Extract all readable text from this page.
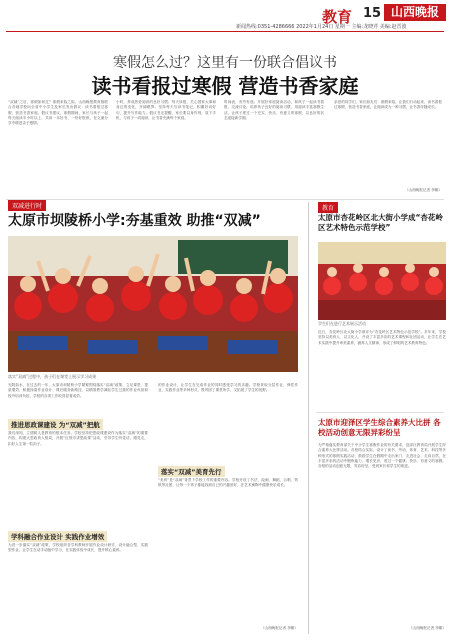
教育 15 山西晚报
新闻热线:0351-4286666 2022年1月24日 星期一 主编:龙晓芹 美编:赵晋波
寒假怎么过？这里有一份联合倡议书
读书看报过寒假 营造书香家庭
“双减”之后，寒假如何过？寒假来临之际，山西晚报教育版联合各地学校向全省中小学生及家长发出倡议：读书看报过寒假，营造书香家庭。倡议书建议，寒假期间，家长与孩子一起每天阅读半小时以上，共读一本好书、一份好报纸，在交流分享中增进亲子感情。
小时，养成热爱阅读的良好习惯；每天读报，关心国家大事和身边的变化，开阔眼界；坚持每天写读书笔记，积累好词好句，提升写作能力。倡议书还提醒，家长要以身作则，放下手机，与孩子一同阅读，让书香充满每个家庭。
时间表，有劳有逸；开展好家庭阅读活动，和孩子一起读书看报、交流讨论，培养孩子良好的阅读习惯，用阅读丰富寒假生活，让孩子度过一个充实、快乐、有意义的寒假，以良好的状态迎接新学期。
亲爱的同学们、家长朋友们：寒假来临，让我们行动起来，读书看报过寒假，营造书香家庭，让阅读成为一种习惯，让书香伴随成长。
（山西晚报记者 李娜）
双减进行时
太原市坝陵桥小学:夯基重效 助推“双减”
落实“双减”过程中，孩子们在课堂上展示学习成果
光阴如水，在过去的一年，太原市坝陵桥小学紧紧围绕落实“双减”政策，立足课堂、提质增效，积极探索作业设计、课后服务新路径，以精准教学减轻学生过重的作业负担和校外培训负担，学校的各项工作取得显著成效。
推进思政课建设 为“双减”把航
我们深知，立德树人是教育的根本任务。学校坚持把思政课建设作为落实“双减”的重要内容，构建大思政育人格局，开展“红领巾讲思政课”活动，引导学生听党话、跟党走，扣好人生第一粒扣子。
学科融合作业设计 实践作业增效
为进一步落实“双减”政策，学校组织各学科教师开展作业设计研讨，设计融合型、实践型作业，让学生在动手动脑中学习，在实践体验中成长，提升核心素养。
的作业设计，让学生在完成作业的同时感受学习的乐趣。学校采取分层作业、弹性作业、实践作业等多种形式，既巩固了课堂所学，又拓展了学生的视野。
落实“双减”美育先行
“美育”是“双减”背景下学校工作的重要内容。学校开设了书法、绘画、舞蹈、合唱、剪纸等社团，让每一个孩子都能找到自己的兴趣爱好，在艺术熏陶中健康快乐成长。
（山西晚报记者 李娜）
教育
太原市杏花岭区北大街小学成“杏花岭区艺术特色示范学校”
学生们在进行艺术展示活动
近日，杏花岭区北大街小学被评为“杏花岭区艺术特色示范学校”。多年来，学校坚持以美育人、以文化人，开设了丰富多彩的艺术课程和社团活动，让学生在艺术实践中提升审美素养，涵养人文精神，形成了鲜明的艺术教育特色。
太原市迎泽区学生综合素养大比拼 各校活动创意无限异彩纷呈
为严格落实教育部关于中小学生寒假作业的有关要求，迎泽区教育局开展学生综合素养大比拼活动。各校结合实际，设计了读书、劳动、体育、艺术、科技等多种形式的寒假实践活动，鼓励学生在假期中走出家门、走进社会、走向自然，在丰富多彩的活动中锻炼能力、增长见识，度过一个健康、快乐、有意义的寒假。各校的活动创意无限，异彩纷呈，受到家长和学生的欢迎。
（山西晚报记者 李娜）
